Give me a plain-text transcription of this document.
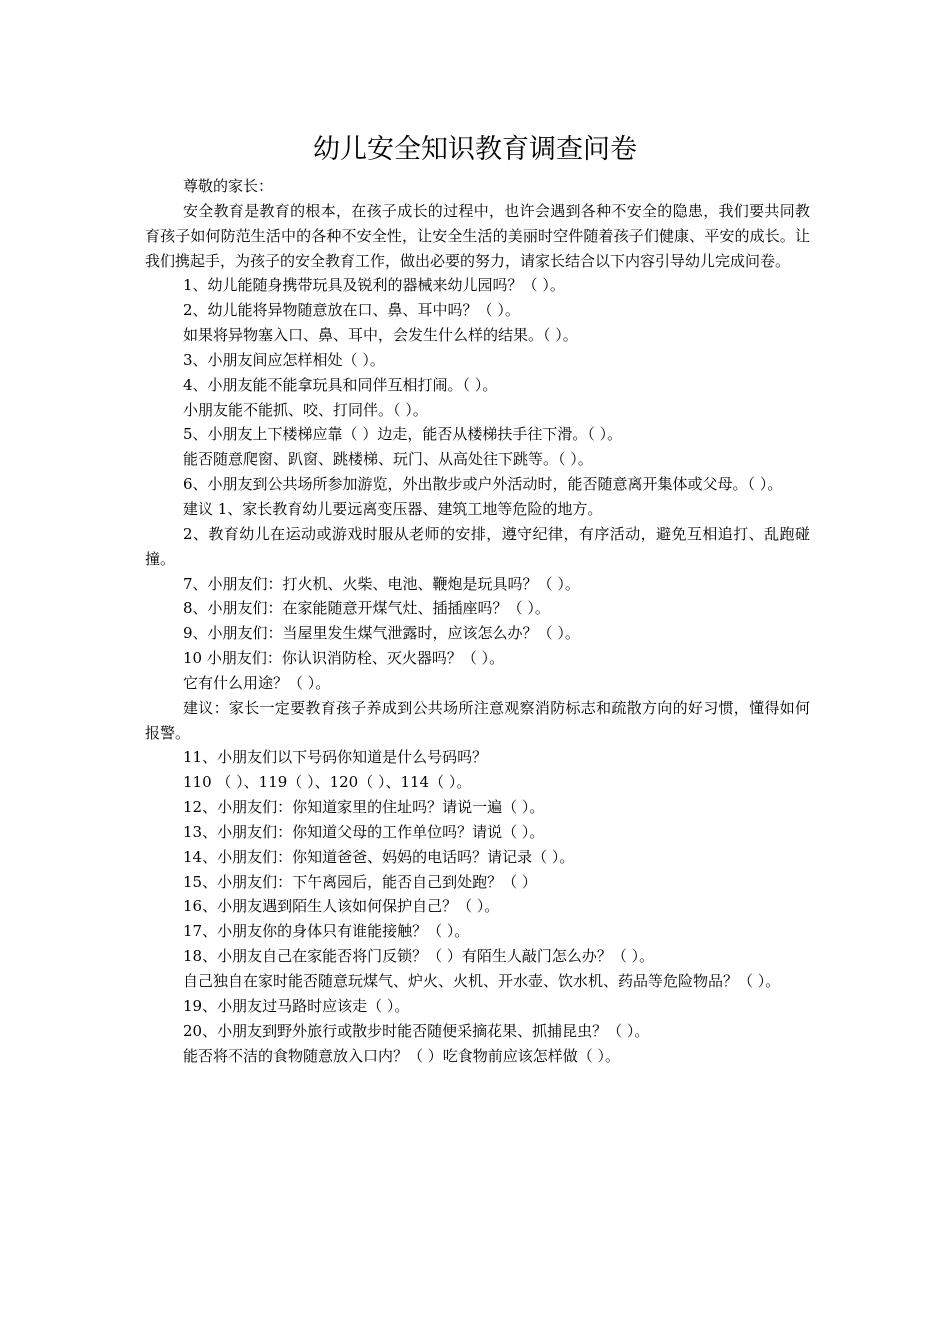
幼儿安全知识教育调查问卷

尊敬的家长：

安全教育是教育的根本，在孩子成长的过程中，也许会遇到各种不安全的隐患，我们要共同教育孩子如何防范生活中的各种不安全性，让安全生活的美丽时空件随着孩子们健康、平安的成长。让我们携起手，为孩子的安全教育工作，做出必要的努力，请家长结合以下内容引导幼儿完成问卷。

1、幼儿能随身携带玩具及锐利的器械来幼儿园吗？（ ）。

2、幼儿能将异物随意放在口、鼻、耳中吗？（ ）。

如果将异物塞入口、鼻、耳中，会发生什么样的结果。（ ）。

3、小朋友间应怎样相处（ ）。

4、小朋友能不能拿玩具和同伴互相打闹。（ ）。

小朋友能不能抓、咬、打同伴。（ ）。

5、小朋友上下楼梯应靠（ ）边走，能否从楼梯扶手往下滑。（ ）。

能否随意爬窗、趴窗、跳楼梯、玩门、从高处往下跳等。（ ）。

6、小朋友到公共场所参加游览，外出散步或户外活动时，能否随意离开集体或父母。（ ）。

建议 1、家长教育幼儿要远离变压器、建筑工地等危险的地方。

2、教育幼儿在运动或游戏时服从老师的安排，遵守纪律，有序活动，避免互相追打、乱跑碰撞。

7、小朋友们：打火机、火柴、电池、鞭炮是玩具吗？（ ）。

8、小朋友们：在家能随意开煤气灶、插插座吗？（ ）。

9、小朋友们：当屋里发生煤气泄露时，应该怎么办？（ ）。

10 小朋友们：你认识消防栓、灭火器吗？（ ）。

它有什么用途？（ ）。

建议：家长一定要教育孩子养成到公共场所注意观察消防标志和疏散方向的好习惯，懂得如何报警。

11、小朋友们以下号码你知道是什么号码吗？

110 （ ）、119（ ）、120（ ）、114（ ）。

12、小朋友们：你知道家里的住址吗？请说一遍（ ）。

13、小朋友们：你知道父母的工作单位吗？请说（ ）。

14、小朋友们：你知道爸爸、妈妈的电话吗？请记录（ ）。

15、小朋友们：下午离园后，能否自己到处跑？（ ）

16、小朋友遇到陌生人该如何保护自己？（ ）。

17、小朋友你的身体只有谁能接触？（ ）。

18、小朋友自己在家能否将门反锁？（ ）有陌生人敲门怎么办？（ ）。

自己独自在家时能否随意玩煤气、炉火、火机、开水壶、饮水机、药品等危险物品？（ ）。

19、小朋友过马路时应该走（ ）。

20、小朋友到野外旅行或散步时能否随便采摘花果、抓捕昆虫？（ ）。

能否将不洁的食物随意放入口内？（ ）吃食物前应该怎样做（ ）。
